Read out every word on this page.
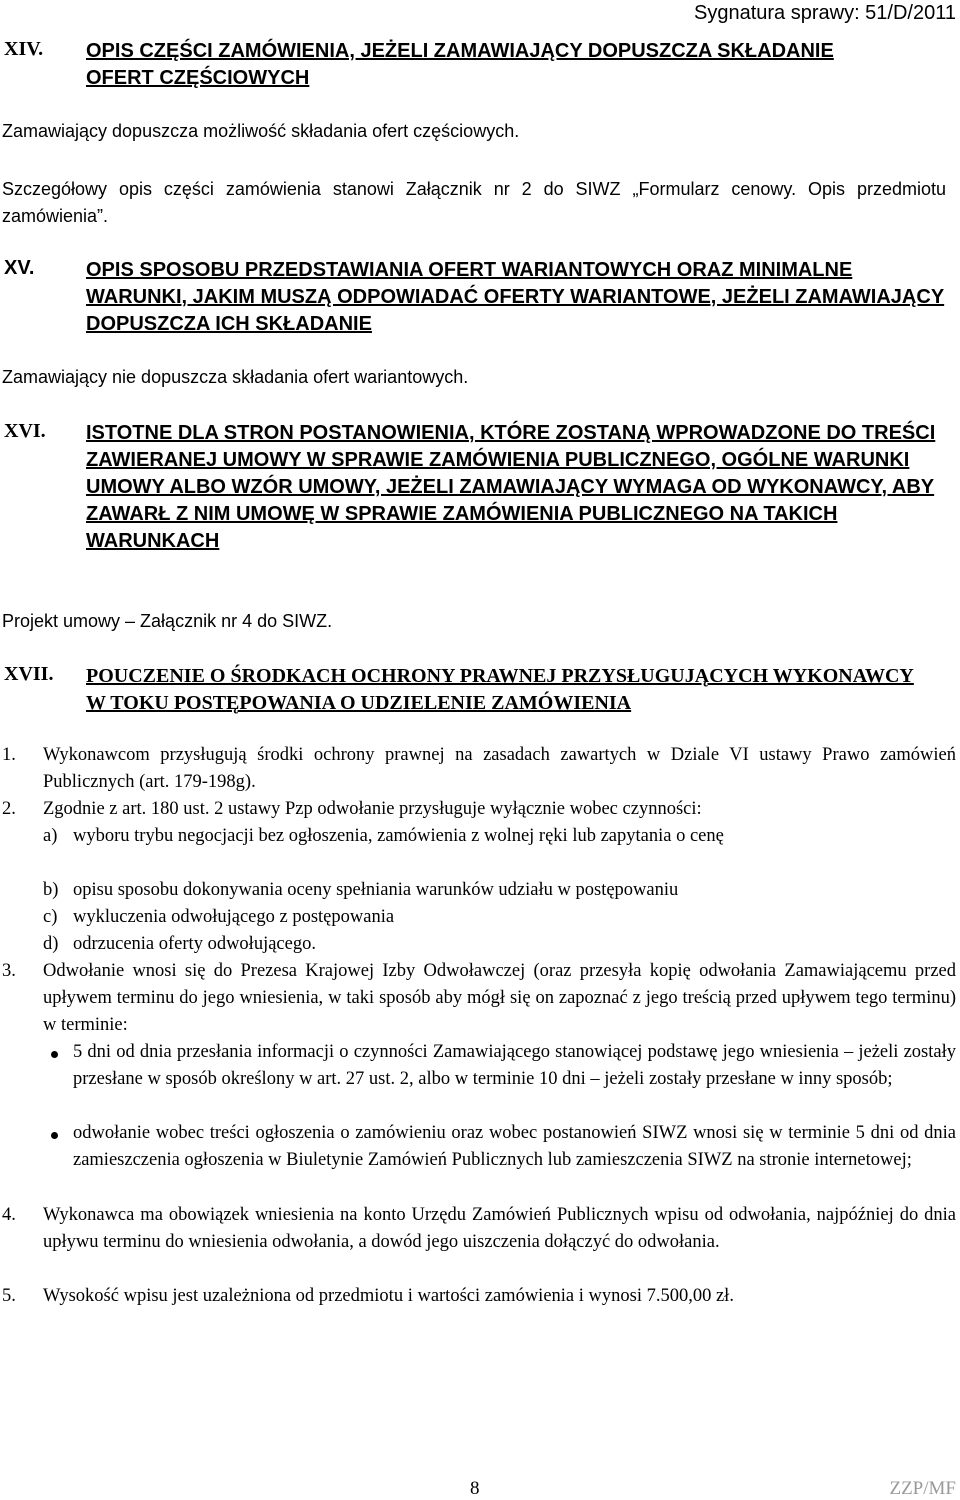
Sygnatura sprawy: 51/D/2011
XIV. OPIS CZĘŚCI ZAMÓWIENIA, JEŻELI ZAMAWIAJĄCY DOPUSZCZA SKŁADANIE OFERT CZĘŚCIOWYCH

Zamawiający dopuszcza możliwość składania ofert częściowych.

Szczegółowy opis części zamówienia stanowi Załącznik nr 2 do SIWZ „Formularz cenowy. Opis przedmiotu zamówienia”.

XV.	OPIS SPOSOBU PRZEDSTAWIANIA OFERT WARIANTOWYCH ORAZ MINIMALNE WARUNKI, JAKIM MUSZĄ ODPOWIADAĆ OFERTY WARIANTOWE, JEŻELI ZAMAWIAJĄCY DOPUSZCZA ICH SKŁADANIE

Zamawiający nie dopuszcza składania ofert wariantowych.

XVI. ISTOTNE DLA STRON POSTANOWIENIA, KTÓRE ZOSTANĄ WPROWADZONE DO TREŚCI ZAWIERANEJ UMOWY W SPRAWIE ZAMÓWIENIA PUBLICZNEGO, OGÓLNE WARUNKI UMOWY ALBO WZÓR UMOWY, JEŻELI ZAMAWIAJĄCY WYMAGA OD WYKONAWCY, ABY ZAWARŁ Z NIM UMOWĘ W SPRAWIE ZAMÓWIENIA PUBLICZNEGO NA TAKICH WARUNKACH

Projekt umowy – Załącznik nr 4 do SIWZ.

XVII. POUCZENIE O ŚRODKACH OCHRONY PRAWNEJ PRZYSŁUGUJĄCYCH WYKONAWCY W TOKU POSTĘPOWANIA O UDZIELENIE ZAMÓWIENIA
1. Wykonawcom przysługują środki ochrony prawnej na zasadach zawartych w Dziale VI ustawy Prawo zamówień Publicznych (art. 179-198g).

2. Zgodnie z art. 180 ust. 2 ustawy Pzp odwołanie przysługuje wyłącznie wobec czynności:

a) wyboru trybu negocjacji bez ogłoszenia, zamówienia z wolnej ręki lub zapytania o cenę

b) opisu sposobu dokonywania oceny spełniania warunków udziału w postępowaniu

c) wykluczenia odwołującego z postępowania

d) odrzucenia oferty odwołującego.

3. Odwołanie wnosi się do Prezesa Krajowej Izby Odwoławczej (oraz przesyła kopię odwołania Zamawiającemu przed upływem terminu do jego wniesienia, w taki sposób aby mógł się on zapoznać z jego treścią przed upływem tego terminu) w terminie:

5 dni od dnia przesłania informacji o czynności Zamawiającego stanowiącej podstawę jego wniesienia – jeżeli zostały przesłane w sposób określony w art. 27 ust. 2, albo w terminie 10 dni – jeżeli zostały przesłane w inny sposób;

odwołanie wobec treści ogłoszenia o zamówieniu oraz wobec postanowień SIWZ wnosi się w terminie 5 dni od dnia zamieszczenia ogłoszenia w Biuletynie Zamówień Publicznych lub zamieszczenia SIWZ na stronie internetowej;

4. Wykonawca ma obowiązek wniesienia na konto Urzędu Zamówień Publicznych wpisu od odwołania, najpóźniej do dnia upływu terminu do wniesienia odwołania, a dowód jego uiszczenia dołączyć do odwołania.

5. Wysokość wpisu jest uzależniona od przedmiotu i wartości zamówienia i wynosi 7.500,00 zł.

8	ZZP/MF
